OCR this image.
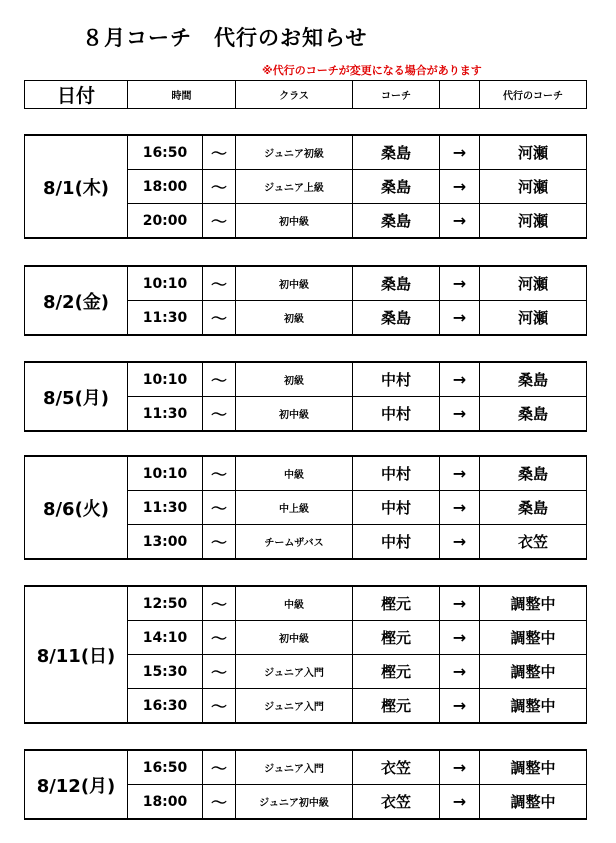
８月コーチ　代行のお知らせ
※代行のコーチが変更になる場合があります
日付	時間	クラス	コーチ		代行のコーチ
8/1(木)	16:50	〜	ジュニア初級	桑島	→	河瀬
	18:00	〜	ジュニア上級	桑島	→	河瀬
	20:00	〜	初中級	桑島	→	河瀬
8/2(金)	10:10	〜	初中級	桑島	→	河瀬
	11:30	〜	初級	桑島	→	河瀬
8/5(月)	10:10	〜	初級	中村	→	桑島
	11:30	〜	初中級	中村	→	桑島
8/6(火)	10:10	〜	中級	中村	→	桑島
	11:30	〜	中上級	中村	→	桑島
	13:00	〜	チームザバス	中村	→	衣笠
8/11(日)	12:50	〜	中級	樫元	→	調整中
	14:10	〜	初中級	樫元	→	調整中
	15:30	〜	ジュニア入門	樫元	→	調整中
	16:30	〜	ジュニア入門	樫元	→	調整中
8/12(月)	16:50	〜	ジュニア入門	衣笠	→	調整中
	18:00	〜	ジュニア初中級	衣笠	→	調整中
